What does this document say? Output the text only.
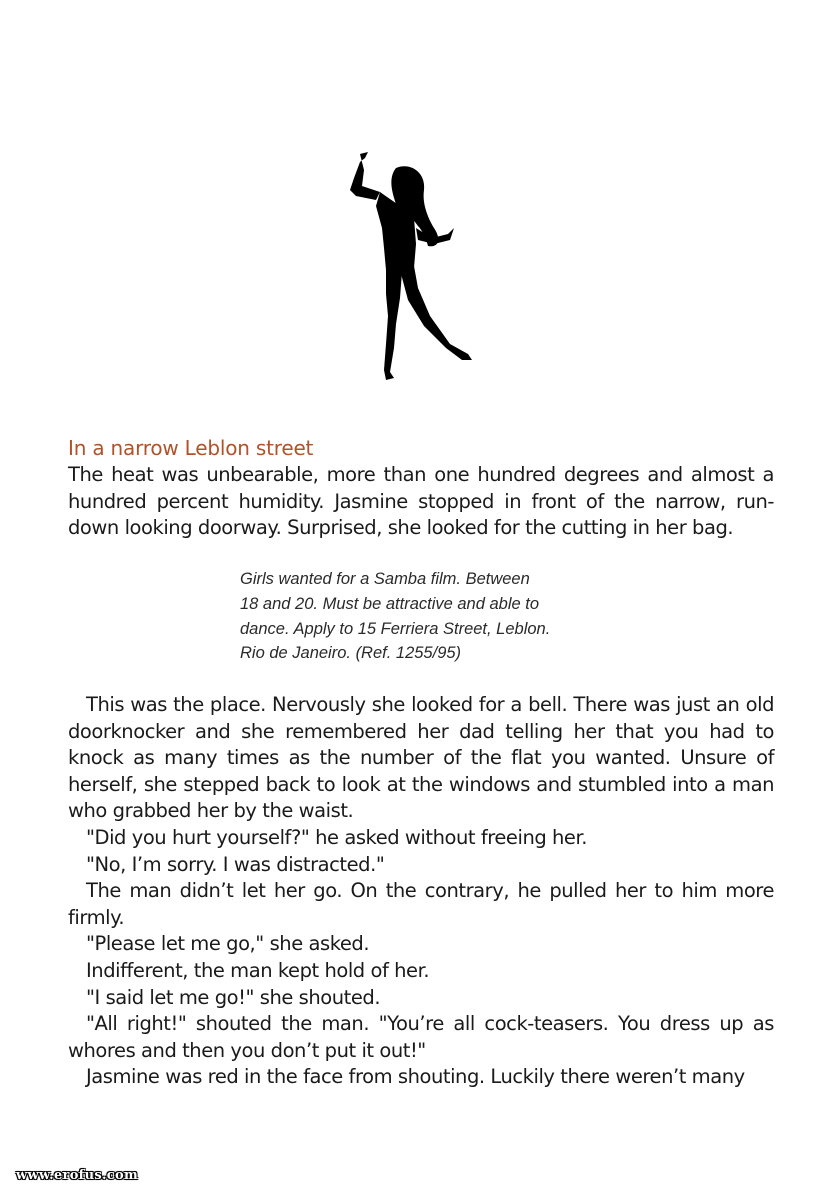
In a narrow Leblon street

The heat was unbearable, more than one hundred degrees and almost a hundred percent humidity. Jasmine stopped in front of the narrow, run-down looking doorway. Surprised, she looked for the cutting in her bag.

Girls wanted for a Samba film. Between
18 and 20. Must be attractive and able to
dance. Apply to 15 Ferriera Street, Leblon.
Rio de Janeiro. (Ref. 1255/95)

This was the place. Nervously she looked for a bell. There was just an old doorknocker and she remembered her dad telling her that you had to knock as many times as the number of the flat you wanted. Unsure of herself, she stepped back to look at the windows and stumbled into a man who grabbed her by the waist.

"Did you hurt yourself?" he asked without freeing her.

"No, I’m sorry. I was distracted."

The man didn’t let her go. On the contrary, he pulled her to him more firmly.

"Please let me go," she asked.

Indifferent, the man kept hold of her.

"I said let me go!" she shouted.

"All right!" shouted the man. "You’re all cock-teasers. You dress up as whores and then you don’t put it out!"

Jasmine was red in the face from shouting. Luckily there weren’t many

www.erofus.com
